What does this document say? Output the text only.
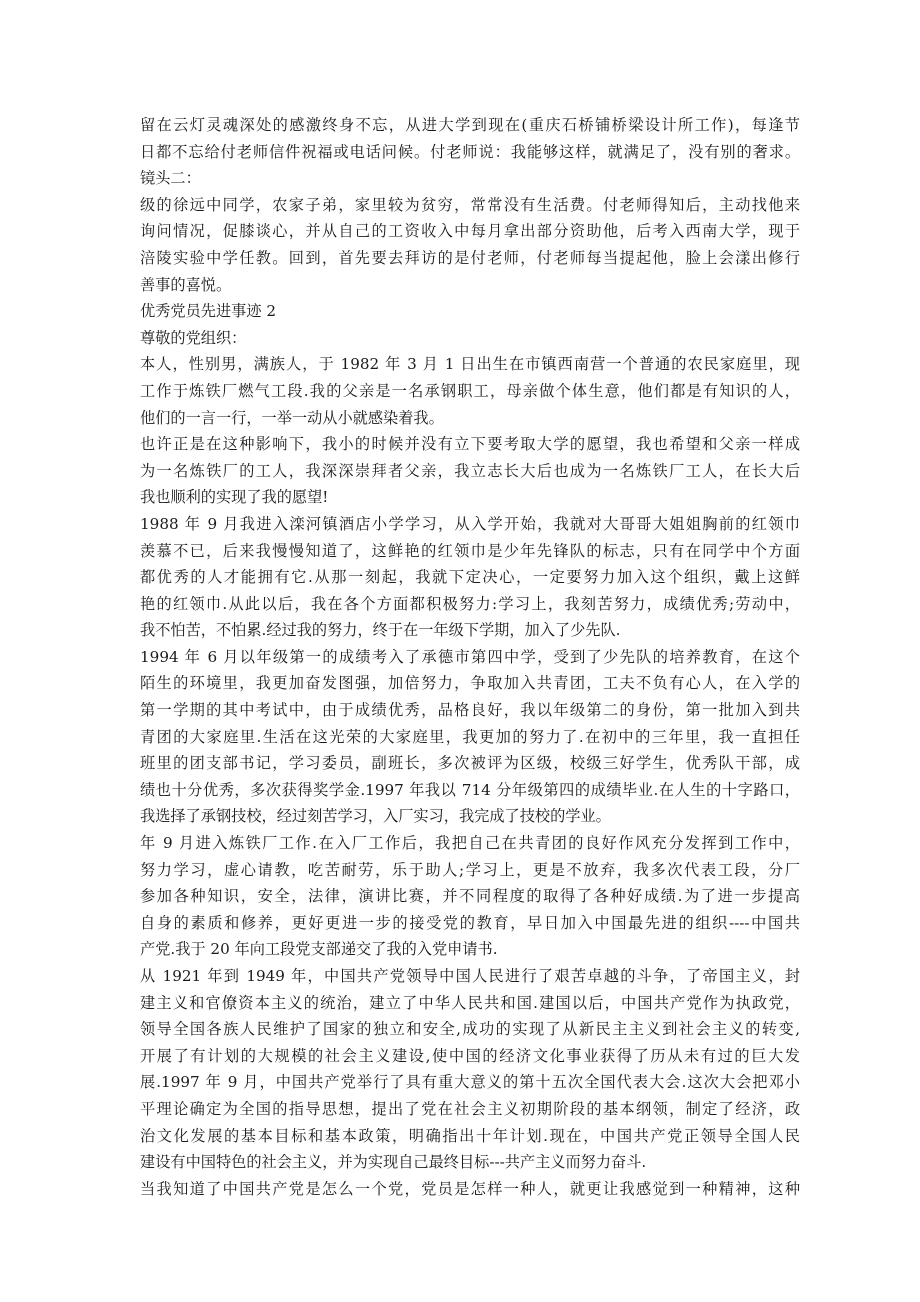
留在云灯灵魂深处的感激终身不忘，从进大学到现在(重庆石桥铺桥梁设计所工作)，每逢节
日都不忘给付老师信件祝福或电话问候。付老师说：我能够这样，就满足了，没有别的奢求。
镜头二：
级的徐远中同学，农家子弟，家里较为贫穷，常常没有生活费。付老师得知后，主动找他来
询问情况，促膝谈心，并从自己的工资收入中每月拿出部分资助他，后考入西南大学，现于
涪陵实验中学任教。回到，首先要去拜访的是付老师，付老师每当提起他，脸上会漾出修行
善事的喜悦。
优秀党员先进事迹 2
尊敬的党组织：
本人，性别男，满族人，于 1982 年 3 月 1 日出生在市镇西南营一个普通的农民家庭里，现
工作于炼铁厂燃气工段.我的父亲是一名承钢职工，母亲做个体生意，他们都是有知识的人，
他们的一言一行，一举一动从小就感染着我。
也许正是在这种影响下，我小的时候并没有立下要考取大学的愿望，我也希望和父亲一样成
为一名炼铁厂的工人，我深深崇拜者父亲，我立志长大后也成为一名炼铁厂工人，在长大后
我也顺利的实现了我的愿望!
1988 年 9 月我进入滦河镇酒店小学学习，从入学开始，我就对大哥哥大姐姐胸前的红领巾
羡慕不已，后来我慢慢知道了，这鲜艳的红领巾是少年先锋队的标志，只有在同学中个方面
都优秀的人才能拥有它.从那一刻起，我就下定决心，一定要努力加入这个组织，戴上这鲜
艳的红领巾.从此以后，我在各个方面都积极努力:学习上，我刻苦努力，成绩优秀;劳动中，
我不怕苦，不怕累.经过我的努力，终于在一年级下学期，加入了少先队.
1994 年 6 月以年级第一的成绩考入了承德市第四中学，受到了少先队的培养教育，在这个
陌生的环境里，我更加奋发图强，加倍努力，争取加入共青团，工夫不负有心人，在入学的
第一学期的其中考试中，由于成绩优秀，品格良好，我以年级第二的身份，第一批加入到共
青团的大家庭里.生活在这光荣的大家庭里，我更加的努力了.在初中的三年里，我一直担任
班里的团支部书记，学习委员，副班长，多次被评为区级，校级三好学生，优秀队干部，成
绩也十分优秀，多次获得奖学金.1997 年我以 714 分年级第四的成绩毕业.在人生的十字路口，
我选择了承钢技校，经过刻苦学习，入厂实习，我完成了技校的学业。
年 9 月进入炼铁厂工作.在入厂工作后，我把自己在共青团的良好作风充分发挥到工作中，
努力学习，虚心请教，吃苦耐劳，乐于助人;学习上，更是不放弃，我多次代表工段，分厂
参加各种知识，安全，法律，演讲比赛，并不同程度的取得了各种好成绩.为了进一步提高
自身的素质和修养，更好更进一步的接受党的教育，早日加入中国最先进的组织----中国共
产党.我于 20 年向工段党支部递交了我的入党申请书.
从 1921 年到 1949 年，中国共产党领导中国人民进行了艰苦卓越的斗争，了帝国主义，封
建主义和官僚资本主义的统治，建立了中华人民共和国.建国以后，中国共产党作为执政党，
领导全国各族人民维护了国家的独立和安全,成功的实现了从新民主主义到社会主义的转变,
开展了有计划的大规模的社会主义建设,使中国的经济文化事业获得了历从未有过的巨大发
展.1997 年 9 月，中国共产党举行了具有重大意义的第十五次全国代表大会.这次大会把邓小
平理论确定为全国的指导思想，提出了党在社会主义初期阶段的基本纲领，制定了经济，政
治文化发展的基本目标和基本政策，明确指出十年计划.现在，中国共产党正领导全国人民
建设有中国特色的社会主义，并为实现自己最终目标---共产主义而努力奋斗.
当我知道了中国共产党是怎么一个党，党员是怎样一种人，就更让我感觉到一种精神，这种
